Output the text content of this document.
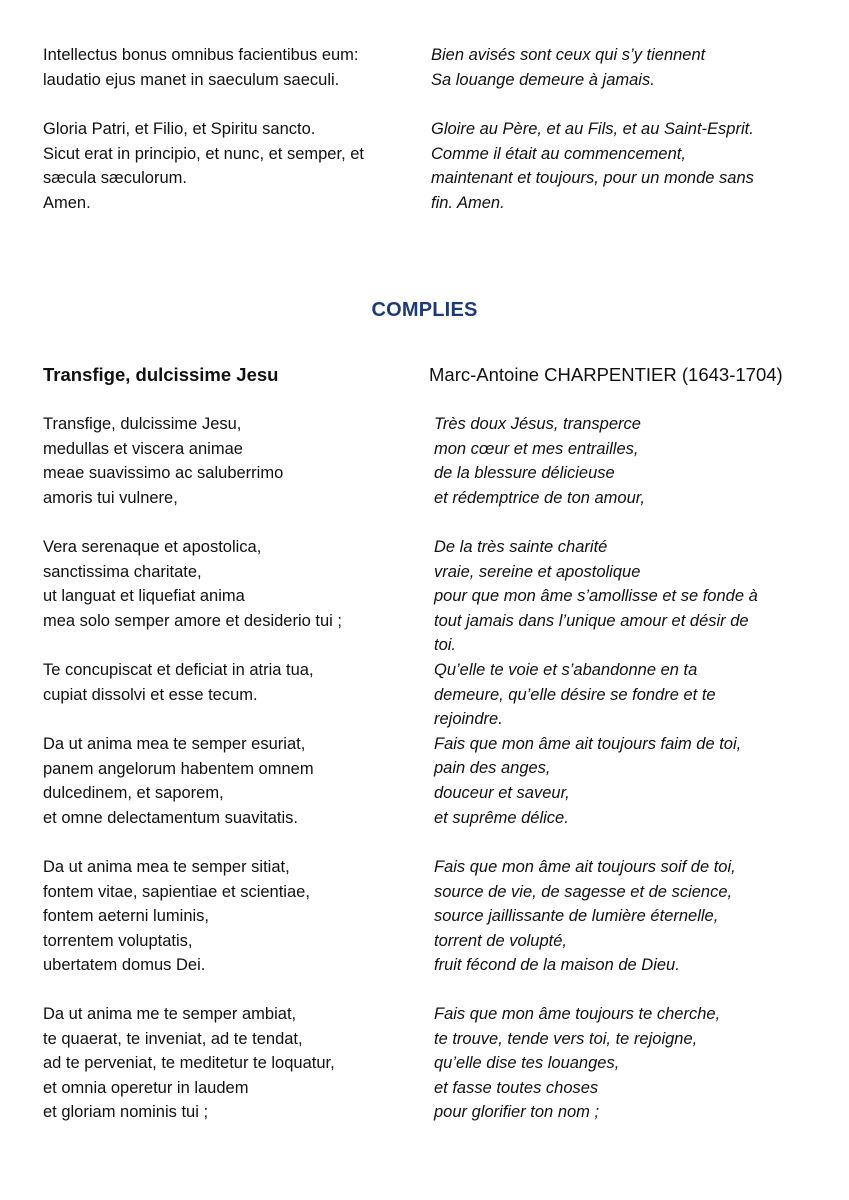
Intellectus bonus omnibus facientibus eum:
laudatio ejus manet in saeculum saeculi.

Gloria Patri, et Filio, et Spiritu sancto.
Sicut erat in principio, et nunc, et semper, et
sæcula sæculorum.
Amen.

Bien avisés sont ceux qui s’y tiennent
Sa louange demeure à jamais.

Gloire au Père, et au Fils, et au Saint-Esprit.
Comme il était au commencement,
maintenant et toujours, pour un monde sans
fin. Amen.

COMPLIES
Transfige, dulcissime Jesu	Marc-Antoine CHARPENTIER (1643-1704)

Transfige, dulcissime Jesu,
medullas et viscera animae
meae suavissimo ac saluberrimo
amoris tui vulnere,

Vera serenaque et apostolica,
sanctissima charitate,
ut languat et liquefiat anima
mea solo semper amore et desiderio tui ;

Te concupiscat et deficiat in atria tua,
cupiat dissolvi et esse tecum.

Da ut anima mea te semper esuriat,
panem angelorum habentem omnem
dulcedinem, et saporem,
et omne delectamentum suavitatis.

Da ut anima mea te semper sitiat,
fontem vitae, sapientiae et scientiae,
fontem aeterni luminis,
torrentem voluptatis,
ubertatem domus Dei.

Da ut anima me te semper ambiat,
te quaerat, te inveniat, ad te tendat,
ad te perveniat, te meditetur te loquatur,
et omnia operetur in laudem
et gloriam nominis tui ;

Très doux Jésus, transperce
mon cœur et mes entrailles,
de la blessure délicieuse
et rédemptrice de ton amour,

De la très sainte charité
vraie, sereine et apostolique
pour que mon âme s’amollisse et se fonde à
tout jamais dans l’unique amour et désir de
toi.
Qu’elle te voie et s’abandonne en ta
demeure, qu’elle désire se fondre et te
rejoindre.
Fais que mon âme ait toujours faim de toi,
pain des anges,
douceur et saveur,
et suprême délice.

Fais que mon âme ait toujours soif de toi,
source de vie, de sagesse et de science,
source jaillissante de lumière éternelle,
torrent de volupté,
fruit fécond de la maison de Dieu.

Fais que mon âme toujours te cherche,
te trouve, tende vers toi, te rejoigne,
qu’elle dise tes louanges,
et fasse toutes choses
pour glorifier ton nom ;
